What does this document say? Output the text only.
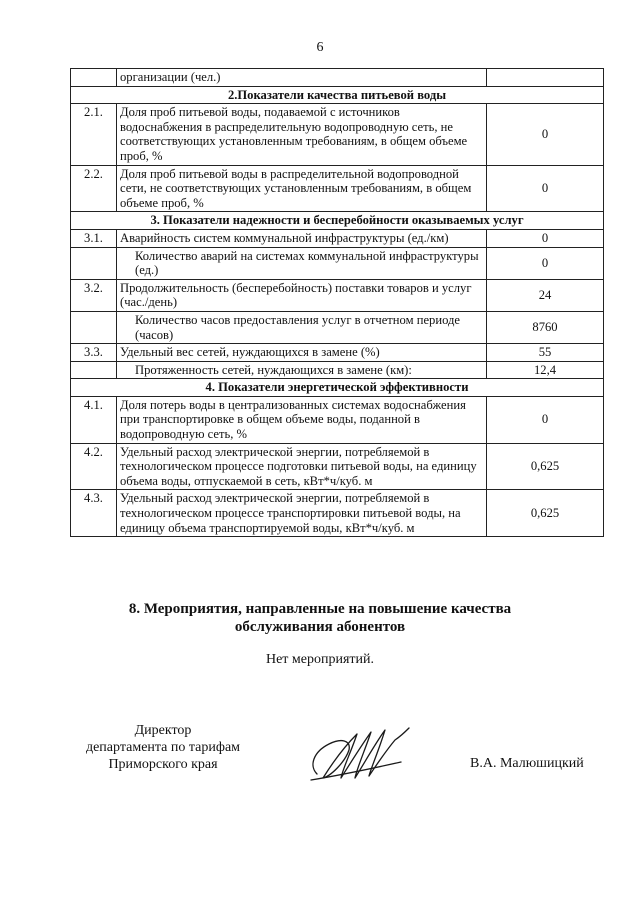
6
	организации (чел.)	
2.Показатели качества питьевой воды		
2.1.	Доля проб питьевой воды, подаваемой с источников водоснабжения в распределительную водопроводную сеть, не соответствующих установленным требованиям, в общем объеме проб, %	0
2.2.	Доля проб питьевой воды в распределительной водопроводной сети, не соответствующих установленным требованиям, в общем объеме проб, %	0
3. Показатели надежности и бесперебойности оказываемых услуг		
3.1.	Аварийность систем коммунальной инфраструктуры (ед./км)	0
	Количество аварий на системах коммунальной инфраструктуры (ед.)	0
3.2.	Продолжительность (бесперебойность) поставки товаров и услуг (час./день)	24
	Количество часов предоставления услуг в отчетном периоде (часов)	8760
3.3.	Удельный вес сетей, нуждающихся в замене (%)	55
	Протяженность сетей, нуждающихся в замене (км):	12,4
4. Показатели энергетической эффективности		
4.1.	Доля потерь воды в централизованных системах водоснабжения при транспортировке в общем объеме воды, поданной в водопроводную сеть, %	0
4.2.	Удельный расход электрической энергии, потребляемой в технологическом процессе подготовки питьевой воды, на единицу объема воды, отпускаемой в сеть, кВт*ч/куб. м	0,625
4.3.	Удельный расход электрической энергии, потребляемой в технологическом процессе транспортировки питьевой воды, на единицу объема транспортируемой воды, кВт*ч/куб. м	0,625
8. Мероприятия, направленные на повышение качества
обслуживания абонентов
Нет мероприятий.
Директор
департамента по тарифам
Приморского края	В.А. Малюшицкий
